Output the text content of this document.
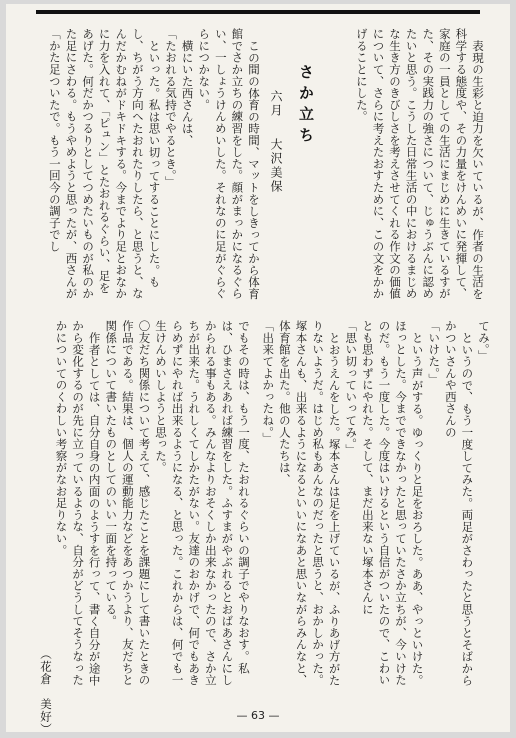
表現の生彩と迫力を欠いているが、作者の生活を科学する態度や、その力量をけんめいに発揮して、家庭の一員としての生活にまじめに生きているすがた、その実践力の強さについて、じゅうぶんに認めたいと思う。こうした日常生活の中におけるまじめな生き方のきびしさを考えさせてくれる作文の価値について、さらに考えたおすために、この文をかかげることにした。
さか立ち
六月大沢美保
この間の体育の時間、マットをしきってから体育館でさか立ちの練習をした。顔がまっかになるぐらい、一しょうけんめいした。それなのに足がぐらぐらにつかない。
横にいた西さんは、
「たおれる気持でやるとき。」
といった。私は思い切ってすることにした。もし、ちがう方向へたおれたりしたら、と思うと、なんだかむねがドキドキする。今までより足とおなかに力を入れて、「ピュン」とたおれるぐらい、足をあげた。何だかつるりとしてつめたいものが私のかた足にさわる。もうやめようと思ったが、西さんが
「かた足ついたで。もう一回今の調子でし
てみ。」
というので、もう一度してみた。両足がさわったと思うとそばからかついさんや西さんの
「いけた。」
という声がする。ゆっくりと足をおろした。ああ、やっといけた。ほっとした。今までできなかったと思っていたさか立ちが、今いけたのだ。もう一度した。今度はいけるという自信がついたので、こわいとも思わずにやれた。そして、まだ出来ない塚本さんに
「思い切っていってみ。」
とおうえんをした。塚本さんは足を上げているが、ふりあげ方がたりないようだ。はじめ私もあんなのだったと思うと、おかしかった。塚本さんも、出来るようになるといいになあと思いながらみんなと、体育館を出た。他の人たちは、
「出来てよかったね。」
でもその時は、もう一度、たおれるぐらいの調子でやりなおす。私は、ひまさえあれば練習をした。ふすまがやぶれるとおばあさんにしかられる事もある。みんなよりおそくしか出来なかったので、さか立ちが出来た。うれしくてしかたがない。友達のおかげで、何でもあきらめずにやれば出来るようになる、と思った。これからは、何でも一生けんめいしようと思った。
〇友だち関係について考えて、感じたことを課題にして書いたときの作品である。結果は、個人の運動能力などをあつかうより、友だちと関係について書いたものとしてのいい一面を持っている。
作者としては、自分自身の内面のようすを行って、書く自分が途中から変化するのが先に立っているような、自分がどうしてそうなったかについてのくわしい考察がなお足りない。
（花倉　美好）	— 63 —
